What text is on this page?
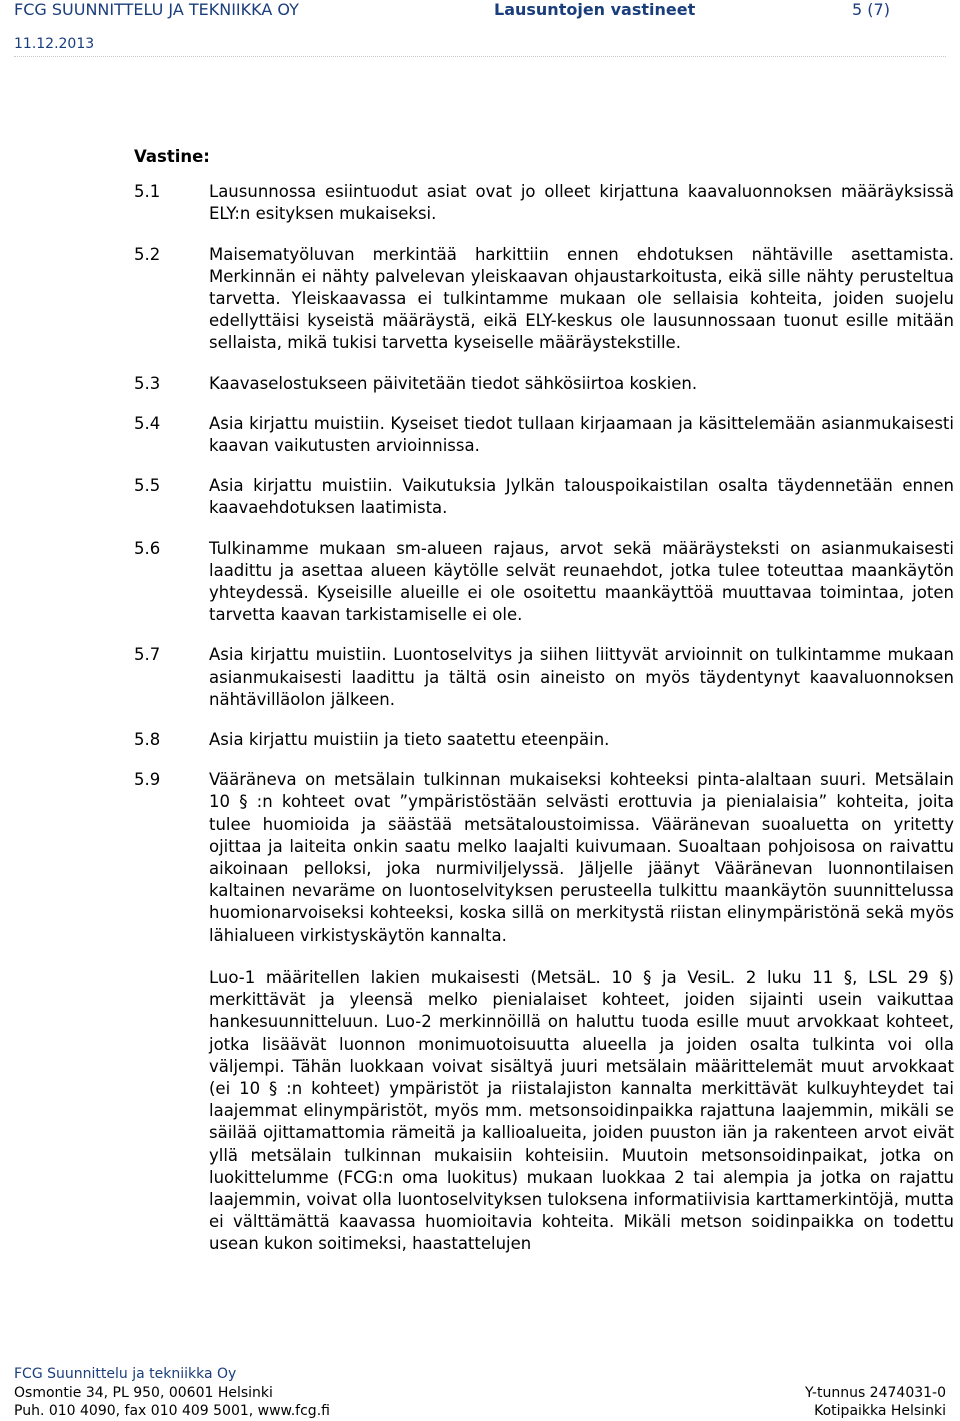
FCG SUUNNITTELU JA TEKNIIKKA OY	Lausuntojen vastineet	5 (7)
11.12.2013
Vastine:
5.1	Lausunnossa esiintuodut asiat ovat jo olleet kirjattuna kaavaluonnoksen määräyksissä ELY:n esityksen mukaiseksi.
5.2	Maisematyöluvan merkintää harkittiin ennen ehdotuksen nähtäville asettamista. Merkinnän ei nähty palvelevan yleiskaavan ohjaustarkoitusta, eikä sille nähty perusteltua tarvetta. Yleiskaavassa ei tulkintamme mukaan ole sellaisia kohteita, joiden suojelu edellyttäisi kyseistä määräystä, eikä ELY-keskus ole lausunnossaan tuonut esille mitään sellaista, mikä tukisi tarvetta kyseiselle määräystekstille.
5.3	Kaavaselostukseen päivitetään tiedot sähkösiirtoa koskien.
5.4	Asia kirjattu muistiin. Kyseiset tiedot tullaan kirjaamaan ja käsittelemään asianmukaisesti kaavan vaikutusten arvioinnissa.
5.5	Asia kirjattu muistiin. Vaikutuksia Jylkän talouspoikaistilan osalta täydennetään ennen kaavaehdotuksen laatimista.
5.6	Tulkinamme mukaan sm-alueen rajaus, arvot sekä määräysteksti on asianmukaisesti laadittu ja asettaa alueen käytölle selvät reunaehdot, jotka tulee toteuttaa maankäytön yhteydessä. Kyseisille alueille ei ole osoitettu maankäyttöä muuttavaa toimintaa, joten tarvetta kaavan tarkistamiselle ei ole.
5.7	Asia kirjattu muistiin. Luontoselvitys ja siihen liittyvät arvioinnit on tulkintamme mukaan asianmukaisesti laadittu ja tältä osin aineisto on myös täydentynyt kaavaluonnoksen nähtävilläolon jälkeen.
5.8	Asia kirjattu muistiin ja tieto saatettu eteenpäin.
5.9	Vääräneva on metsälain tulkinnan mukaiseksi kohteeksi pinta-alaltaan suuri. Metsälain 10 § :n kohteet ovat ”ympäristöstään selvästi erottuvia ja pienialaisia” kohteita, joita tulee huomioida ja säästää metsätaloustoimissa. Vääränevan suoaluetta on yritetty ojittaa ja laiteita onkin saatu melko laajalti kuivumaan. Suoaltaan pohjoisosa on raivattu aikoinaan pelloksi, joka nurmiviljelyssä. Jäljelle jäänyt Vääränevan luonnontilaisen kaltainen nevaräme on luontoselvityksen perusteella tulkittu maankäytön suunnittelussa huomionarvoiseksi kohteeksi, koska sillä on merkitystä riistan elinympäristönä sekä myös lähialueen virkistyskäytön kannalta.
Luo-1 määritellen lakien mukaisesti (MetsäL. 10 § ja VesiL. 2 luku 11 §, LSL 29 §) merkittävät ja yleensä melko pienialaiset kohteet, joiden sijainti usein vaikuttaa hankesuunnitteluun. Luo-2 merkinnöillä on haluttu tuoda esille muut arvokkaat kohteet, jotka lisäävät luonnon monimuotoisuutta alueella ja joiden osalta tulkinta voi olla väljempi. Tähän luokkaan voivat sisältyä juuri metsälain määrittelemät muut arvokkaat (ei 10 § :n kohteet) ympäristöt ja riistalajiston kannalta merkittävät kulkuyhteydet tai laajemmat elinympäristöt, myös mm. metsonsoidinpaikka rajattuna laajemmin, mikäli se säilää ojittamattomia rämeitä ja kallioalueita, joiden puuston iän ja rakenteen arvot eivät yllä metsälain tulkinnan mukaisiin kohteisiin. Muutoin metsonsoidinpaikat, jotka on luokittelumme (FCG:n oma luokitus) mukaan luokkaa 2 tai alempia ja jotka on rajattu laajemmin, voivat olla luontoselvityksen tuloksena informatiivisia karttamerkintöjä, mutta ei välttämättä kaavassa huomioitavia kohteita. Mikäli metson soidinpaikka on todettu usean kukon soitimeksi, haastattelujen
FCG Suunnittelu ja tekniikka Oy
Osmontie 34, PL 950, 00601 Helsinki	Y-tunnus 2474031-0
Puh. 010 4090, fax 010 409 5001, www.fcg.fi	Kotipaikka Helsinki
